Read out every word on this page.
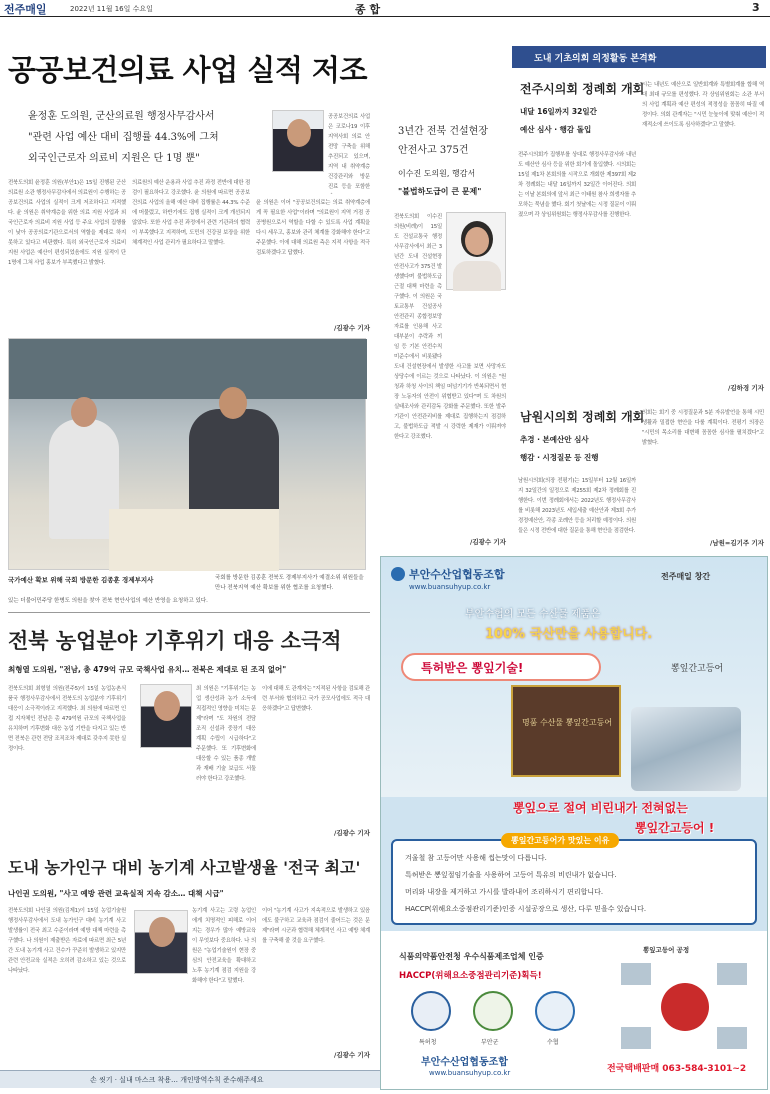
전주매일	2022년 11월 16일 수요일	종 합	3
공공보건의료 사업 실적 저조
윤정훈 도의원, 군산의료원 행정사무감사서
"관련 사업 예산 대비 집행률 44.3%에 그쳐
외국인근로자 의료비 지원은 단 1명 뿐"
공공보건의료 사업은 코로나19 이후 지역사회 의료 안전망 구축을 위해 추진되고 있으며, 지역 내 취약계층 건강관리와 방문 진료 등을 포함한
전북도의회 윤정훈 의원(부안1)은 15일 진행된 군산의료원 소관 행정사무감사에서 의료원이 수행하는 공공보건의료 사업의 실적이 크게 저조하다고 지적했다. 윤 의원은 취약계층을 위한 의료 지원 사업과 외국인근로자 의료비 지원 사업 등 주요 사업의 집행률이 낮아 공공의료기관으로서의 역할을 제대로 하지 못하고 있다고 비판했다. 특히 외국인근로자 의료비 지원 사업은 예산이 편성되었음에도 지원 실적이 단 1명에 그쳐 사업 홍보가 부족했다고 밝혔다.
의료원의 예산 운용과 사업 추진 과정 전반에 대한 점검이 필요하다고 강조했다. 윤 의원에 따르면 공공보건의료 사업의 올해 예산 대비 집행률은 44.3% 수준에 머물렀고, 하반기에도 집행 실적이 크게 개선되지 않았다. 또한 사업 추진 과정에서 관련 기관과의 협력이 부족했다고 지적하며, 도민의 건강권 보장을 위한 체계적인 사업 관리가 필요하다고 말했다.
윤 의원은 이어 "공공보건의료는 의료 취약계층에게 꼭 필요한 사업"이라며 "의료원이 지역 거점 공공병원으로서 역할을 다할 수 있도록 사업 계획을 다시 세우고, 홍보와 관리 체계를 강화해야 한다"고 주문했다. 이에 대해 의료원 측은 지적 사항을 적극 검토하겠다고 답했다.
/김광수 기자
국가예산 확보 위해 국회 방문한 김종훈 경제부지사	국회를 방문한 김종훈 전북도 경제부지사가 예결소위 위원들을 만나 전북지역 예산 확보를 위한 협조를 요청했다.
있는 더불어민주당 한병도 의원을 찾아 전북 현안사업의 예산 반영을 요청하고 있다.
3년간 전북 건설현장
안전사고 375건
이수진 도의원, 행감서
"불법하도급이 큰 문제"
전북도의회 이수진 의원(비례)이 15일 도 건설교통국 행정사무감사에서 최근 3년간 도내 건설현장 안전사고가 375건 발생했다며 불법하도급 근절 대책 마련을 촉구했다. 이 의원은 국토교통부 건설공사 안전관리 종합정보망 자료를 인용해 사고 대부분이 추락과 끼임 등 기본 안전수칙 미준수에서 비롯됐다
도내 건설현장에서 발생한 사고를 보면 사망자도 상당수에 이르는 것으로 나타났다. 이 의원은 "원청과 하청 사이의 책임 떠넘기기가 반복되면서 현장 노동자의 안전이 위협받고 있다"며 도 차원의 실태조사와 관리감독 강화를 주문했다. 또한 발주기관이 안전관리비를 제대로 집행하는지 점검하고, 불법하도급 적발 시 강력한 제재가 이뤄져야 한다고 강조했다.
/김광수 기자
도내 기초의회 의정활동 본격화
전주시의회 정례회 개회
내달 16일까지 32일간
예산 심사 · 행감 돌입
전주시의회가 집행부를 상대로 행정사무감사와 내년도 예산안 심사 등을 위한 회기에 돌입했다. 시의회는 15일 제1차 본회의를 시작으로 개회한 제397회 제2차 정례회는 내달 16일까지 32일간 이어진다. 의회는 이날 본회의에 앞서 최근 이태원 참사 희생자를 추모하는 묵념을 했다. 회기 첫날에는 시정 질문이 이뤄졌으며 각 상임위원회는 행정사무감사를 진행한다.
시는 내년도 예산으로 일반회계와 특별회계를 합해 역대 최대 규모를 편성했다. 각 상임위원회는 소관 부서의 사업 계획과 예산 편성의 적정성을 꼼꼼히 따질 예정이다. 의회 관계자는 "시민 눈높이에 맞춰 예산이 적재적소에 쓰이도록 심사하겠다"고 말했다.
/김하경 기자
남원시의회 정례회 개회
추경 · 본예산안 심사
행감 · 시정질문 등 진행
남원시의회(의장 전평기)는 15일부터 12월 16일까지 32일간의 일정으로 제255회 제2차 정례회를 진행한다. 이번 정례회에서는 2022년도 행정사무감사를 비롯해 2023년도 세입세출 예산안과 제3회 추가경정예산안, 각종 조례안 등을 처리할 예정이다. 의원들은 시정 전반에 대한 질문을 통해 현안을 점검한다.
의회는 회기 중 시정질문과 5분 자유발언을 통해 시민 생활과 밀접한 현안을 다룰 계획이다. 전평기 의장은 "시민의 목소리를 대변해 꼼꼼한 심사를 펼치겠다"고 밝혔다.
/남원=김기주 기자
전북 농업분야 기후위기 대응 소극적
최형열 도의원, "전남, 총 479억 규모 국책사업 유치… 전북은 제대로 된 조직 없어"
전북도의회 최형열 의원(전주5)이 15일 농업농촌식품국 행정사무감사에서 전북도의 농업분야 기후위기 대응이 소극적이라고 지적했다. 최 의원에 따르면 인접 지자체인 전남은 총 479억원 규모의 국책사업을 유치하며 기후변화 대응 농업 기반을 다지고 있는 반면 전북은 관련 전담 조직조차 제대로 갖추지 못한 실정이다.
최 의원은 "기후위기는 농업 생산성과 농가 소득에 직접적인 영향을 미치는 문제"라며 "도 차원의 전담 조직 신설과 중장기 대응 계획 수립이 시급하다"고 주문했다. 또 기후변화에 대응할 수 있는 품종 개발과 재배 기술 보급도 서둘러야 한다고 강조했다.
이에 대해 도 관계자는 "지적된 사항을 검토해 관련 부서와 협의하고 국가 공모사업에도 적극 대응하겠다"고 답변했다.
/김광수 기자
도내 농가인구 대비 농기계 사고발생율 '전국 최고'
나인권 도의원, "사고 예방 관련 교육실적 지속 감소… 대책 시급"
전북도의회 나인권 의원(김제1)이 15일 농업기술원 행정사무감사에서 도내 농가인구 대비 농기계 사고 발생률이 전국 최고 수준이라며 예방 대책 마련을 촉구했다. 나 의원이 제출받은 자료에 따르면 최근 5년간 도내 농기계 사고 건수가 꾸준히 발생하고 있지만 관련 안전교육 실적은 오히려 감소하고 있는 것으로 나타났다.
농기계 사고는 고령 농업인에게 치명적인 피해로 이어지는 경우가 많아 예방교육이 무엇보다 중요하다. 나 의원은 "농업기술원이 현장 중심의 안전교육을 확대하고 노후 농기계 점검 지원을 강화해야 한다"고 말했다.
이어 "농기계 사고가 지속적으로 발생하고 있음에도 불구하고 교육과 점검이 줄어드는 것은 문제"라며 시군과 협력해 체계적인 사고 예방 체계를 구축해 줄 것을 요구했다.
/김광수 기자
손 씻기 · 실내 마스크 착용… 개인방역수칙 준수해주세요
부안수산업협동조합
www.buansuhyup.co.kr
전주매일 창간
부안수협의 모든 수산물 제품은
100% 국산만을 사용합니다.
특허받은 뽕잎기술!	뽕잎간고등어
명품 수산물 뽕잎간고등어
뽕잎으로 절여 비린내가 전혀없는
뽕잎간고등어 !
뽕잎간고등어가 맛있는 이유
겨울철 참 고등어만 사용해 씹는맛이 다릅니다.
특허받은 뽕잎절임기술을 사용하여 고등어 특유의 비린내가 없습니다.
머리와 내장을 제거하고 가시를 발라내어 조리하시기 편리합니다.
HACCP(위해요소중점관리기준)인증 시설공장으로 생산, 다루 믿을수 있습니다.
식품의약품안전청 우수식품제조업체 인증
HACCP(위해요소중점관리기준)획득!
특허청	부안군	수협
뽕잎고등어 공정
전국택배판매 063-584-3101~2
부안수산업협동조합
www.buansuhyup.co.kr
